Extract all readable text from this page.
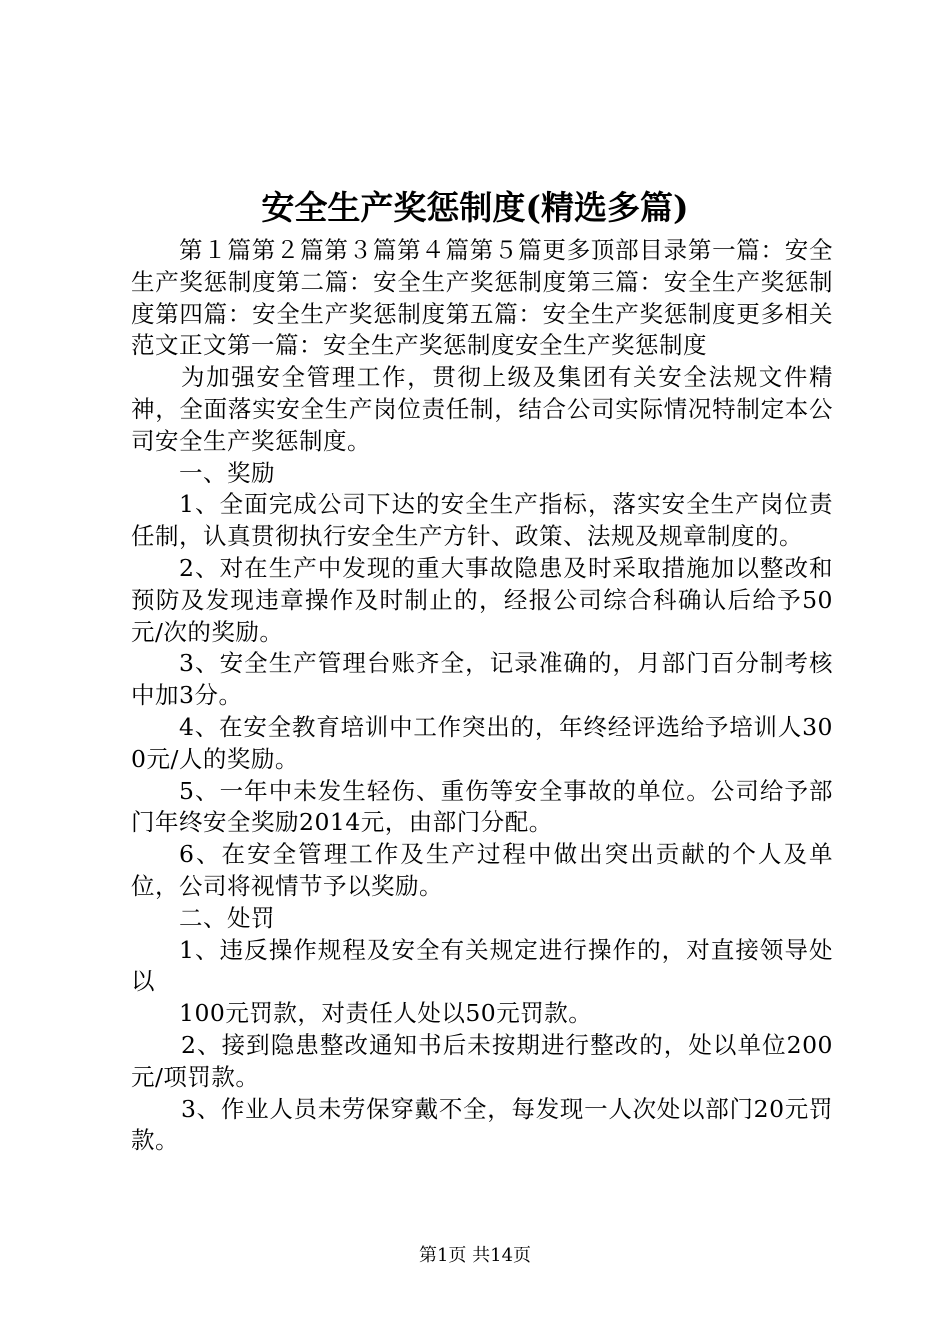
安全生产奖惩制度(精选多篇)

第１篇第２篇第３篇第４篇第５篇更多顶部目录第一篇：安全生产奖惩制度第二篇：安全生产奖惩制度第三篇：安全生产奖惩制度第四篇：安全生产奖惩制度第五篇：安全生产奖惩制度更多相关范文正文第一篇：安全生产奖惩制度安全生产奖惩制度

为加强安全管理工作，贯彻上级及集团有关安全法规文件精神，全面落实安全生产岗位责任制，结合公司实际情况特制定本公司安全生产奖惩制度。

一、奖励

1、全面完成公司下达的安全生产指标，落实安全生产岗位责任制，认真贯彻执行安全生产方针、政策、法规及规章制度的。

2、对在生产中发现的重大事故隐患及时采取措施加以整改和预防及发现违章操作及时制止的，经报公司综合科确认后给予50元/次的奖励。

3、安全生产管理台账齐全，记录准确的，月部门百分制考核中加3分。

4、在安全教育培训中工作突出的，年终经评选给予培训人300元/人的奖励。

5、一年中未发生轻伤、重伤等安全事故的单位。公司给予部门年终安全奖励2014元，由部门分配。

6、在安全管理工作及生产过程中做出突出贡献的个人及单位，公司将视情节予以奖励。

二、处罚

1、违反操作规程及安全有关规定进行操作的，对直接领导处以

100元罚款，对责任人处以50元罚款。

2、接到隐患整改通知书后未按期进行整改的，处以单位200元/项罚款。

3、作业人员未劳保穿戴不全，每发现一人次处以部门20元罚款。

第1页 共14页
